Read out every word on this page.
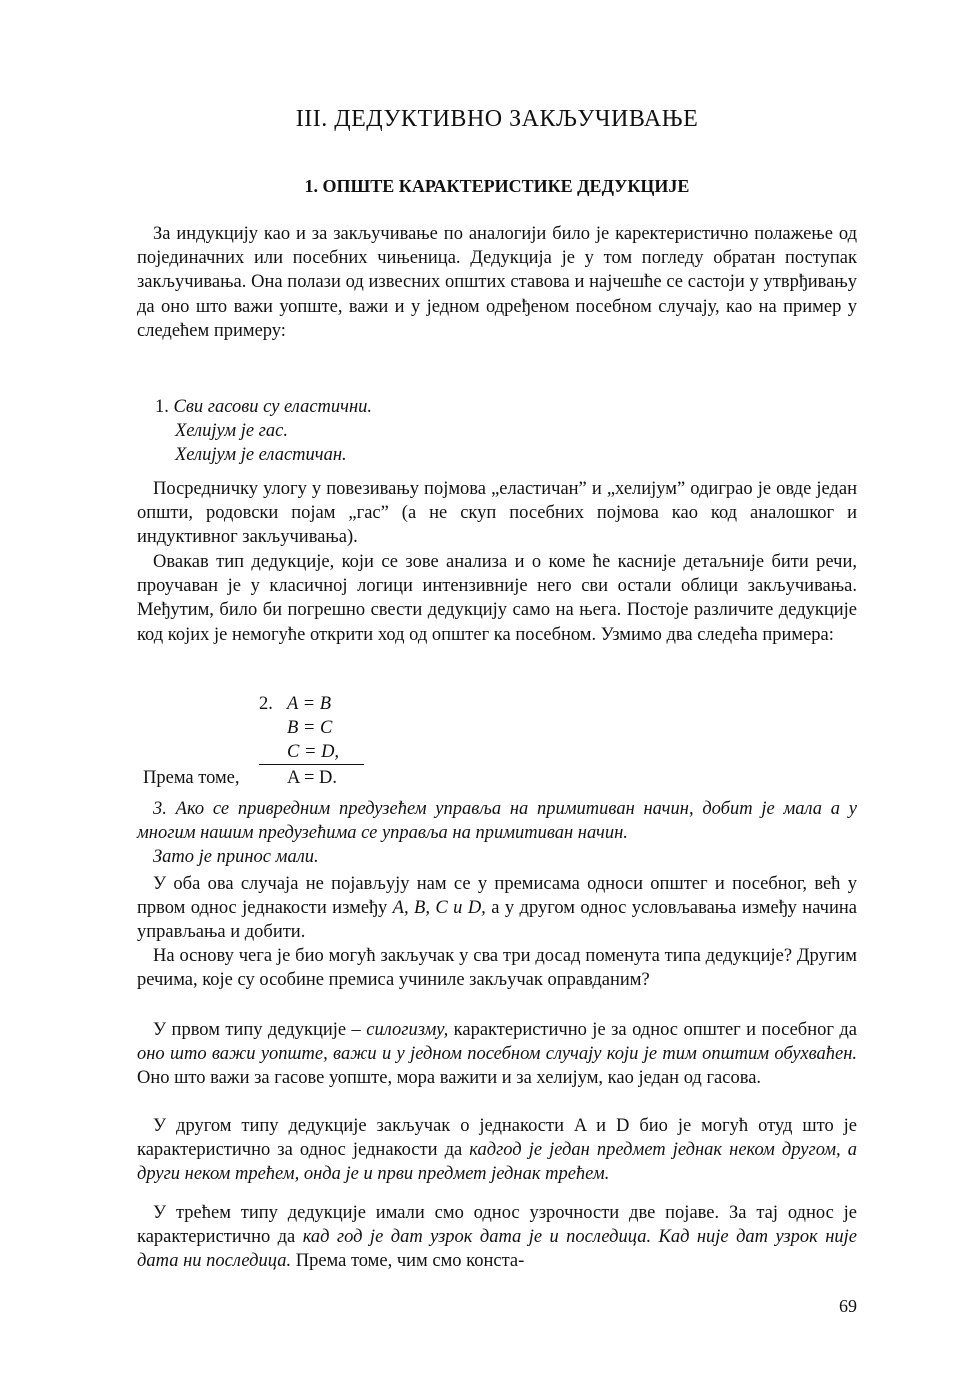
III. ДЕДУКТИВНО ЗАКЉУЧИВАЊЕ
1. ОПШТЕ КАРАКТЕРИСТИКЕ ДЕДУКЦИЈЕ

За индукцију као и за закључивање по аналогији било је каректеристично полажење од појединачних или посебних чињеница. Дедукција је у том погледу обратан поступак закључивања. Она полази од извесних општих ставова и најчешће се састоји у утврђивању да оно што важи уопште, важи и у једном одређеном посебном случају, као на пример у следећем примеру:

1. Сви гасови су еластични.
Хелијум је гас.
Хелијум је еластичан.

Посредничку улогу у повезивању појмова „еластичан” и „хелијум” одиграо је овде један општи, родовски појам „гас” (а не скуп посебних појмова као код аналошког и индуктивног закључивања).

Овакав тип дедукције, који се зове анализа и о коме ће касније детаљније бити речи, проучаван је у класичној логици интензивније него сви остали облици закључивања. Међутим, било би погрешно свести дедукцију само на њега. Постоје различите дедукције код којих је немогуће открити ход од општег ка посебном. Узмимо два следећа примера:

2. A = B
B = C
C = D,
Према томе,	A = D.

3. Ако се привредним предузећем управља на примитиван начин, добит је мала а у многим нашим предузећима се управља на примитиван начин.

Зато је принос мали.

У оба ова случаја не појављују нам се у премисама односи општег и посебног, већ у првом однос једнакости између A, B, C и D, а у другом однос условљавања између начина управљања и добити.

На основу чега је био могућ закључак у сва три досад поменута типа дедукције? Другим речима, које су особине премиса учиниле закључак оправданим?

У првом типу дедукције – силогизму, карактеристично је за однос општег и посебног да оно што важи уопште, важи и у једном посебном случају који је тим општим обухваћен. Оно што важи за гасове уопште, мора важити и за хелијум, као један од гасова.

У другом типу дедукције закључак о једнакости A и D био је могућ отуд што је карактеристично за однос једнакости да кадгод је један предмет једнак неком другом, а други неком трећем, онда је и први предмет једнак трећем.

У трећем типу дедукције имали смо однос узрочности две појаве. За тај однос је карактеристично да кад год је дат узрок дата је и последица. Кад није дат узрок није дата ни последица. Према томе, чим смо конста-

69
